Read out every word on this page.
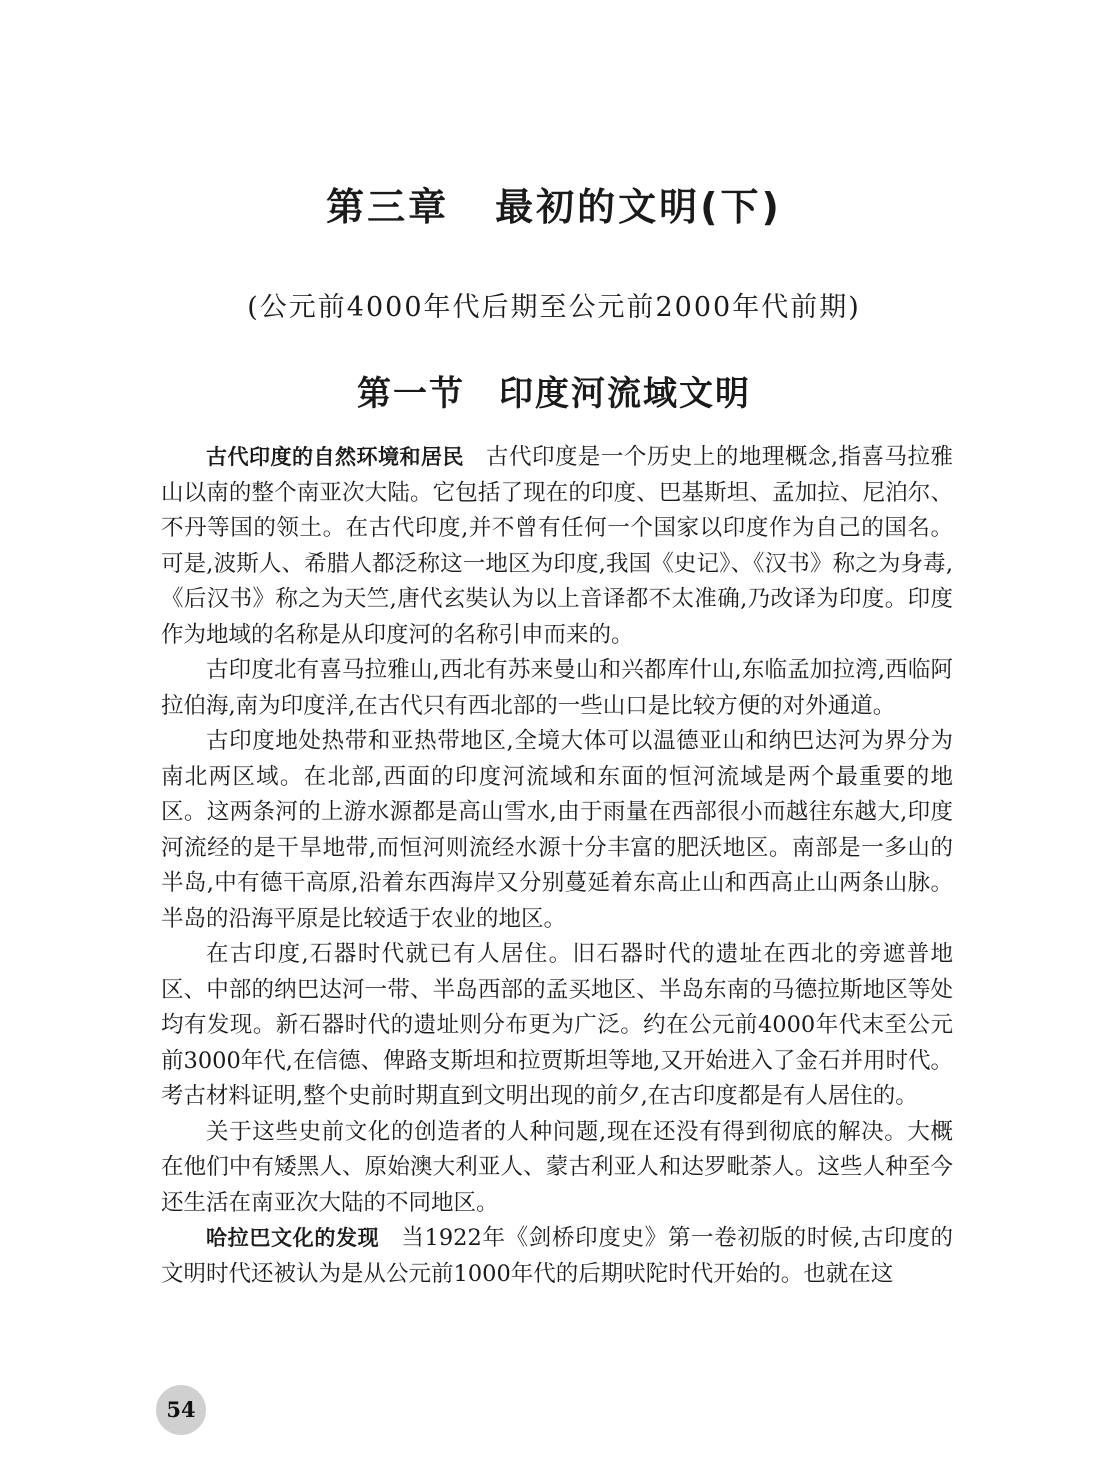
第三章 最初的文明(下)

(公元前4000年代后期至公元前2000年代前期)

第一节 印度河流域文明

古代印度的自然环境和居民 古代印度是一个历史上的地理概念,指喜马拉雅山以南的整个南亚次大陆。它包括了现在的印度、巴基斯坦、孟加拉、尼泊尔、不丹等国的领土。在古代印度,并不曾有任何一个国家以印度作为自己的国名。可是,波斯人、希腊人都泛称这一地区为印度,我国《史记》、《汉书》称之为身毒,《后汉书》称之为天竺,唐代玄奘认为以上音译都不太准确,乃改译为印度。印度作为地域的名称是从印度河的名称引申而来的。

古印度北有喜马拉雅山,西北有苏来曼山和兴都库什山,东临孟加拉湾,西临阿拉伯海,南为印度洋,在古代只有西北部的一些山口是比较方便的对外通道。

古印度地处热带和亚热带地区,全境大体可以温德亚山和纳巴达河为界分为南北两区域。在北部,西面的印度河流域和东面的恒河流域是两个最重要的地区。这两条河的上游水源都是高山雪水,由于雨量在西部很小而越往东越大,印度河流经的是干旱地带,而恒河则流经水源十分丰富的肥沃地区。南部是一多山的半岛,中有德干高原,沿着东西海岸又分别蔓延着东高止山和西高止山两条山脉。半岛的沿海平原是比较适于农业的地区。

在古印度,石器时代就已有人居住。旧石器时代的遗址在西北的旁遮普地区、中部的纳巴达河一带、半岛西部的孟买地区、半岛东南的马德拉斯地区等处均有发现。新石器时代的遗址则分布更为广泛。约在公元前4000年代末至公元前3000年代,在信德、俾路支斯坦和拉贾斯坦等地,又开始进入了金石并用时代。考古材料证明,整个史前时期直到文明出现的前夕,在古印度都是有人居住的。

关于这些史前文化的创造者的人种问题,现在还没有得到彻底的解决。大概在他们中有矮黑人、原始澳大利亚人、蒙古利亚人和达罗毗荼人。这些人种至今还生活在南亚次大陆的不同地区。

哈拉巴文化的发现 当1922年《剑桥印度史》第一卷初版的时候,古印度的文明时代还被认为是从公元前1000年代的后期吠陀时代开始的。也就在这

54
